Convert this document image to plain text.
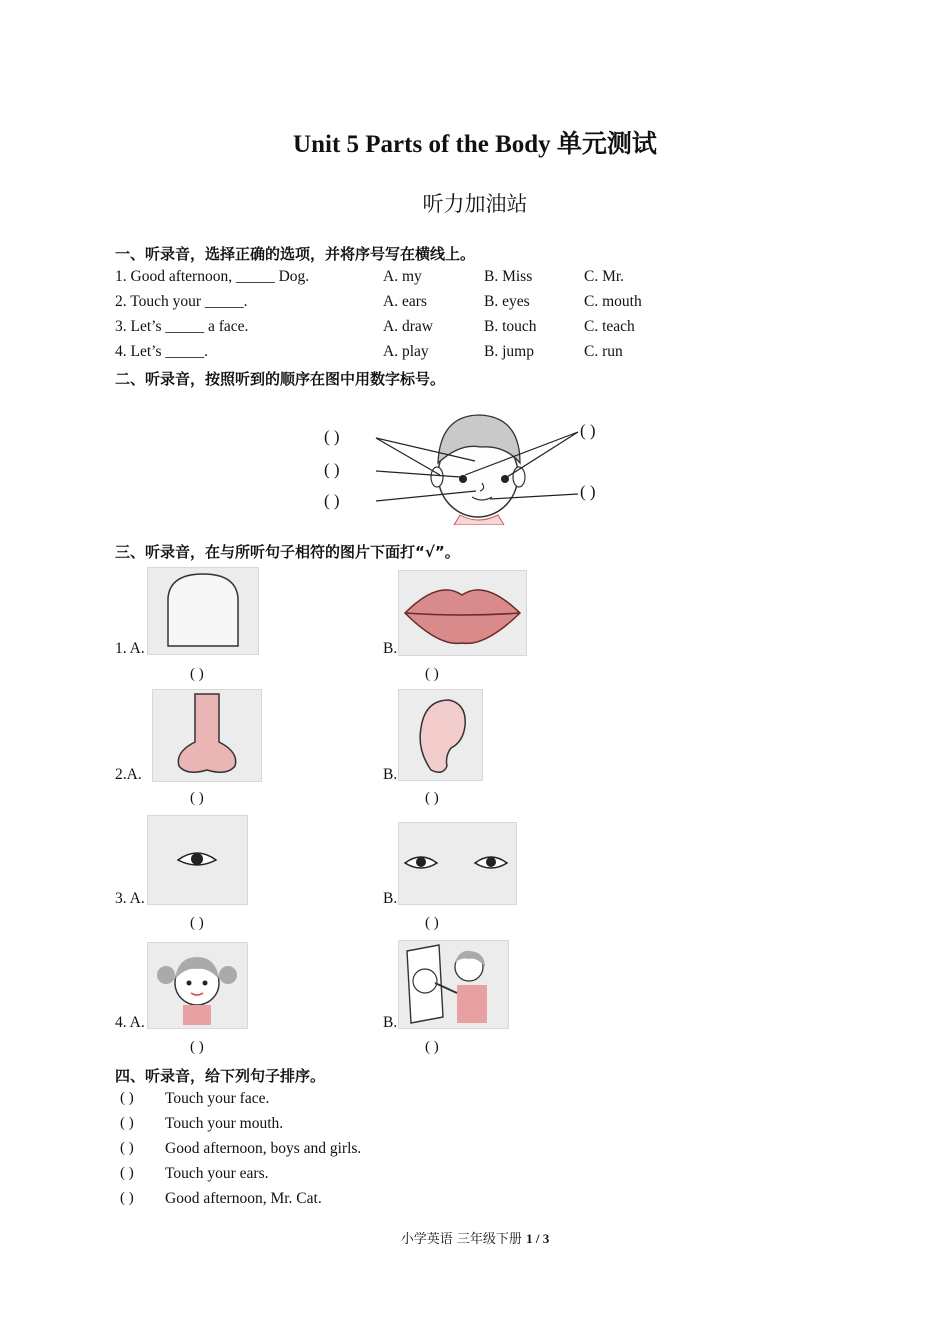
Unit 5 Parts of the Body 单元测试
听力加油站
一、听录音，选择正确的选项，并将序号写在横线上。
1. Good afternoon, _____ Dog.	A. my	B. Miss	C. Mr.
2. Touch your _____.	A. ears	B. eyes	C. mouth
3. Let’s _____ a face.	A. draw	B. touch	C. teach
4. Let’s _____.	A. play	B. jump	C. run
二、听录音，按照听到的顺序在图中用数字标号。
( )
( )
( )
( )
( )
三、听录音，在与所听句子相符的图片下面打“√”。
1. A.	B.
( )	( )
2.A.	B.
( )	( )
3. A.	B.
( )	( )
4. A.	B.
( )	( )
四、听录音，给下列句子排序。
( ) Touch your face.
( ) Touch your mouth.
( ) Good afternoon, boys and girls.
( ) Touch your ears.
( ) Good afternoon, Mr. Cat.
小学英语 三年级下册 1 / 3
